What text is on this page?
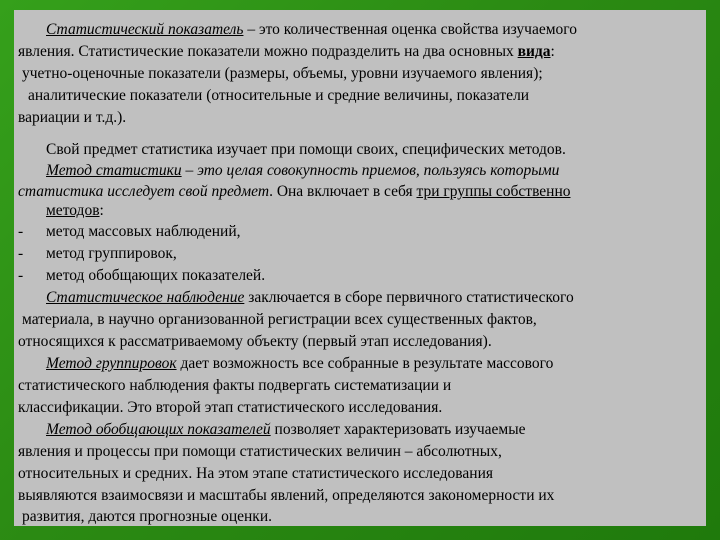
Статистический показатель – это количественная оценка свойства изучаемого
явления. Статистические показатели можно подразделить на два основных вида:
учетно-оценочные показатели (размеры, объемы, уровни изучаемого явления);
аналитические показатели (относительные и средние величины, показатели
вариации и т.д.).
Свой предмет статистика изучает при помощи своих, специфических методов.
Метод статистики – это целая совокупность приемов, пользуясь которыми
статистика исследует свой предмет. Она включает в себя три группы собственно
методов:
- метод массовых наблюдений,
- метод группировок,
- метод обобщающих показателей.
Статистическое наблюдение заключается в сборе первичного статистического
материала, в научно организованной регистрации всех существенных фактов,
относящихся к рассматриваемому объекту (первый этап исследования).
Метод группировок дает возможность все собранные в результате массового
статистического наблюдения факты подвергать систематизации и
классификации. Это второй этап статистического исследования.
Метод обобщающих показателей позволяет характеризовать изучаемые
явления и процессы при помощи статистических величин – абсолютных,
относительных и средних. На этом этапе статистического исследования
выявляются взаимосвязи и масштабы явлений, определяются закономерности их
развития, даются прогнозные оценки.
